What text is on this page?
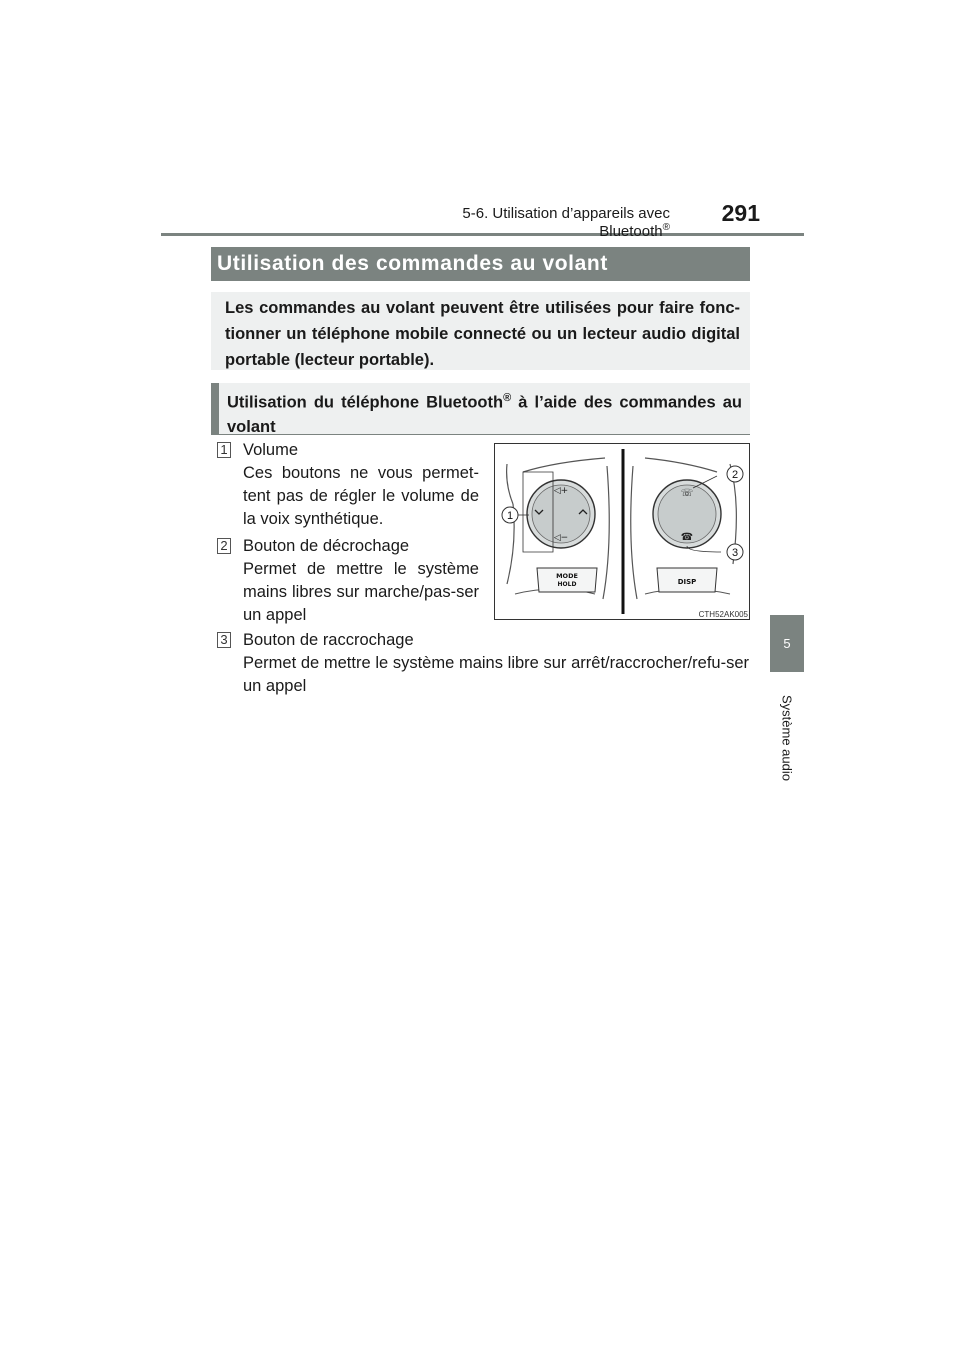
5-6. Utilisation d’appareils avec Bluetooth®
291
5
Système audio
Utilisation des commandes au volant
Les commandes au volant peuvent être utilisées pour faire fonc-tionner un téléphone mobile connecté ou un lecteur audio digital portable (lecteur portable).
Utilisation du téléphone Bluetooth® à l’aide des commandes au volant
1 Volume
Ces boutons ne vous permet-tent pas de régler le volume de la voix synthétique.
2 Bouton de décrochage
Permet de mettre le système mains libres sur marche/pas-ser un appel
3 Bouton de raccrochage
Permet de mettre le système mains libre sur arrêt/raccrocher/refu-ser un appel
◁+
◁−
☏
☎
1
2
3
MODE
HOLD	DISP
CTH52AK005
